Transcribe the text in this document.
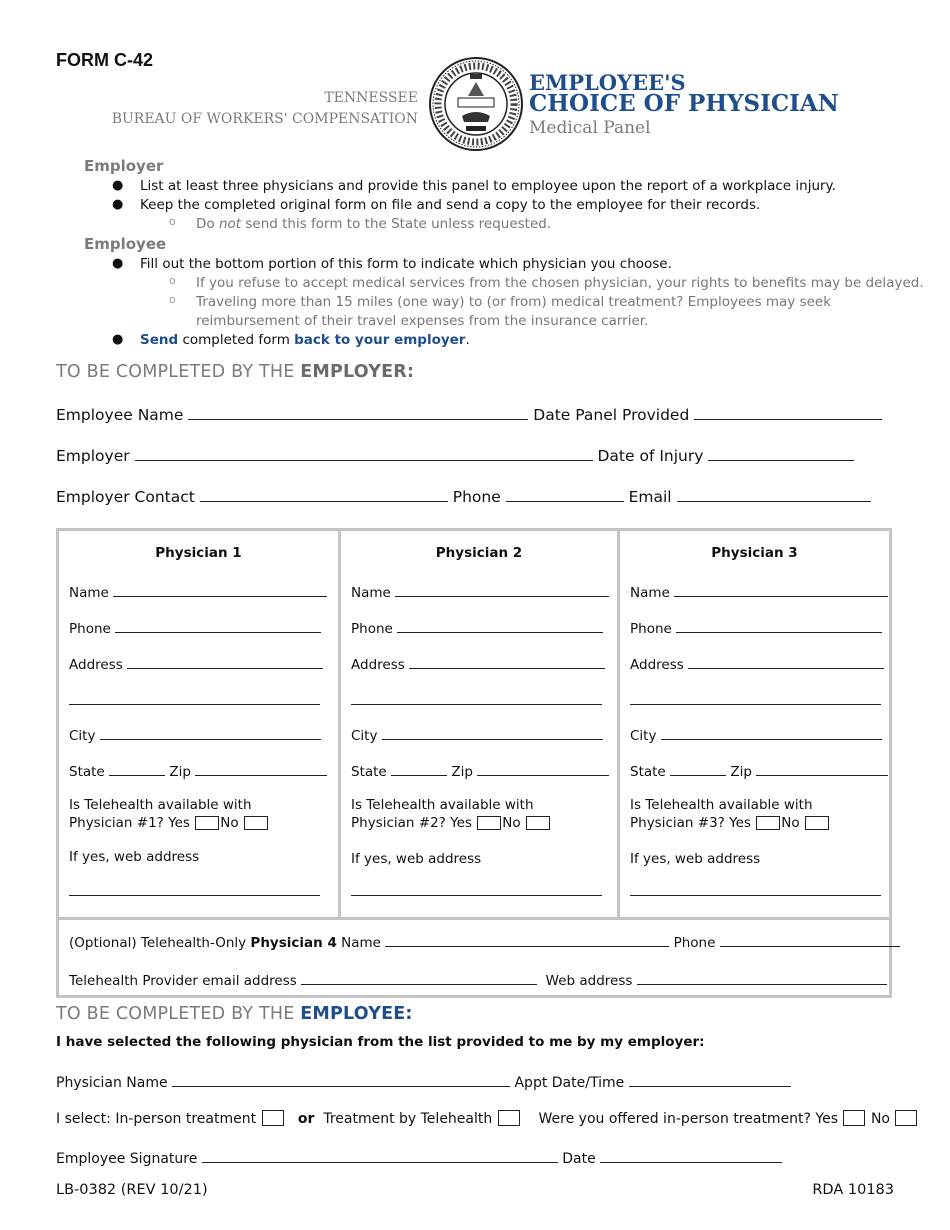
FORM C-42
TENNESSEE
BUREAU OF WORKERS' COMPENSATION
EMPLOYEE'S
CHOICE OF PHYSICIAN
Medical Panel
Employer
● List at least three physicians and provide this panel to employee upon the report of a workplace injury.
● Keep the completed original form on file and send a copy to the employee for their records.
o Do not send this form to the State unless requested.
Employee
● Fill out the bottom portion of this form to indicate which physician you choose.
o If you refuse to accept medical services from the chosen physician, your rights to benefits may be delayed.
o Traveling more than 15 miles (one way) to (or from) medical treatment? Employees may seek
reimbursement of their travel expenses from the insurance carrier.
● Send completed form back to your employer.
TO BE COMPLETED BY THE EMPLOYER:
Employee Name	Date Panel Provided
Employer	Date of Injury
Employer Contact	Phone	Email
Physician 1
Name
Phone
Address
City
State	Zip
Is Telehealth available with
Physician #1? Yes No
If yes, web address
Physician 2
Name
Phone
Address
City
State	Zip
Is Telehealth available with
Physician #2? Yes No
If yes, web address
Physician 3
Name
Phone
Address
City
State	Zip
Is Telehealth available with
Physician #3? Yes No
If yes, web address
(Optional) Telehealth-Only Physician 4 Name	Phone
Telehealth Provider email address	Web address
TO BE COMPLETED BY THE EMPLOYEE:
I have selected the following physician from the list provided to me by my employer:
Physician Name	Appt Date/Time
I select: In-person treatment	or Treatment by Telehealth	Were you offered in-person treatment? Yes No
Employee Signature	Date
LB-0382 (REV 10/21)	RDA 10183
